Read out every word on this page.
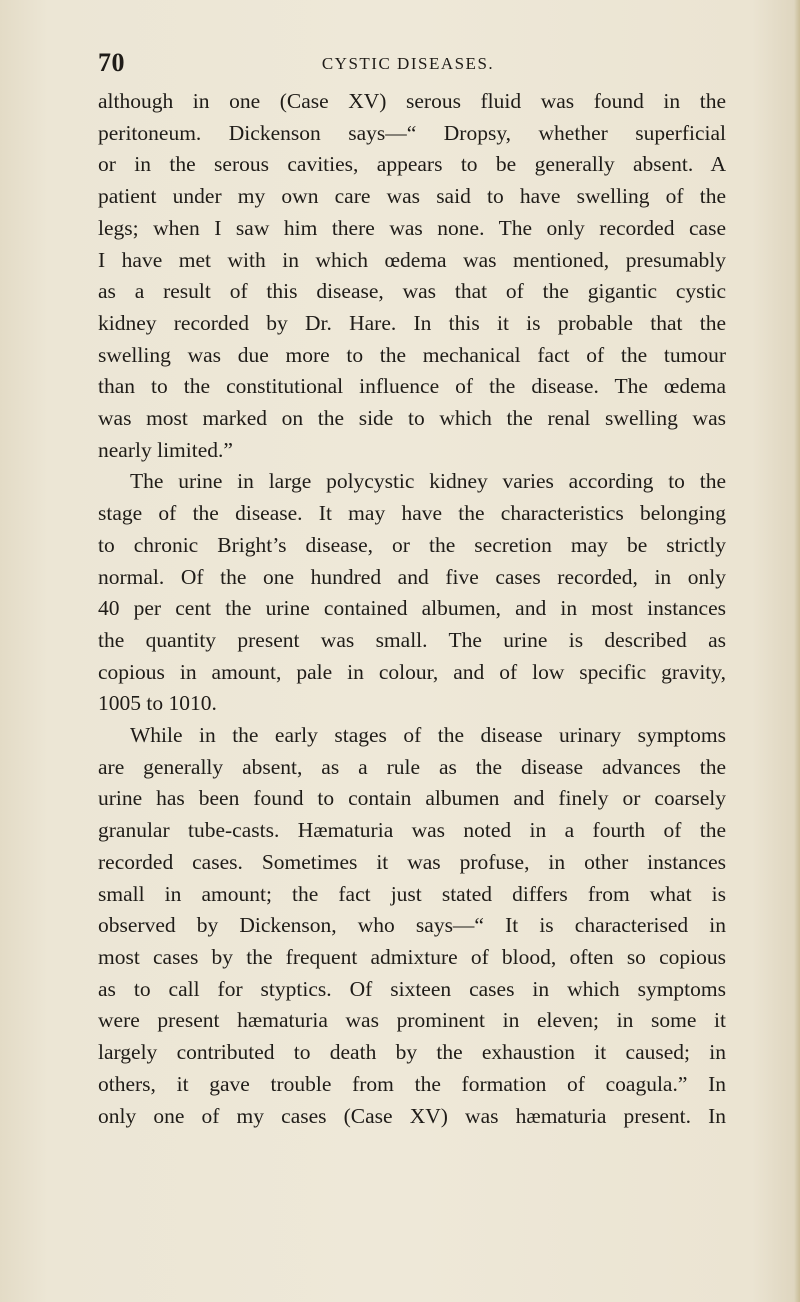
70	CYSTIC DISEASES.
although in one (Case XV) serous fluid was found in the
peritoneum. Dickenson says—“ Dropsy, whether superficial
or in the serous cavities, appears to be generally absent. A
patient under my own care was said to have swelling of the
legs; when I saw him there was none. The only recorded case
I have met with in which œdema was mentioned, presumably
as a result of this disease, was that of the gigantic cystic
kidney recorded by Dr. Hare. In this it is probable that the
swelling was due more to the mechanical fact of the tumour
than to the constitutional influence of the disease. The œdema
was most marked on the side to which the renal swelling was
nearly limited.”
The urine in large polycystic kidney varies according to the
stage of the disease. It may have the characteristics belonging
to chronic Bright’s disease, or the secretion may be strictly
normal. Of the one hundred and five cases recorded, in only
40 per cent the urine contained albumen, and in most instances
the quantity present was small. The urine is described as
copious in amount, pale in colour, and of low specific gravity,
1005 to 1010.
While in the early stages of the disease urinary symptoms
are generally absent, as a rule as the disease advances the
urine has been found to contain albumen and finely or coarsely
granular tube-casts. Hæmaturia was noted in a fourth of the
recorded cases. Sometimes it was profuse, in other instances
small in amount; the fact just stated differs from what is
observed by Dickenson, who says—“ It is characterised in
most cases by the frequent admixture of blood, often so copious
as to call for styptics. Of sixteen cases in which symptoms
were present hæmaturia was prominent in eleven; in some it
largely contributed to death by the exhaustion it caused; in
others, it gave trouble from the formation of coagula.” In
only one of my cases (Case XV) was hæmaturia present. In
